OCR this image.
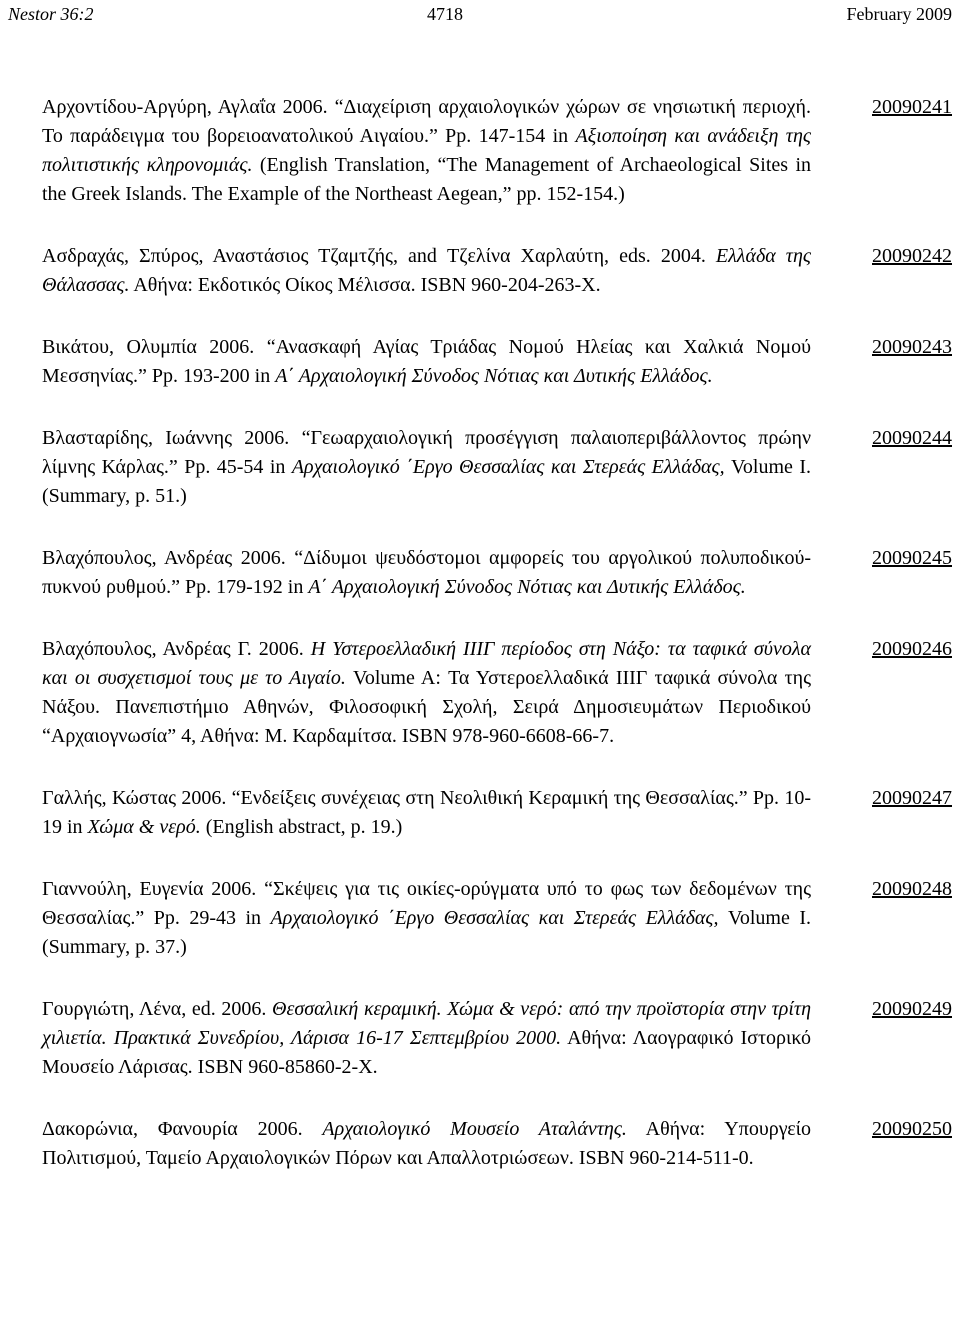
Nestor 36:2	4718	February 2009

Αρχοντίδου-Αργύρη, Αγλαΐα 2006. “Διαχείριση αρχαιολογικών χώρων σε νησιωτική περιοχή. Το παράδειγμα του βορειοανατολικού Αιγαίου.” Pp. 147-154 in Αξιοποίηση και ανάδειξη της πολιτιστικής κληρονομιάς. (English Translation, “The Management of Archaeological Sites in the Greek Islands. The Example of the Northeast Aegean,” pp. 152-154.)

20090241

Ασδραχάς, Σπύρος, Αναστάσιος Τζαμτζής, and Τζελίνα Χαρλαύτη, eds. 2004. Ελλάδα της Θάλασσας. Αθήνα: Εκδοτικός Οίκος Μέλισσα. ISBN 960-204-263-X.

20090242

Βικάτου, Ολυμπία 2006. “Ανασκαφή Αγίας Τριάδας Νομού Ηλείας και Χαλκιά Νομού Μεσσηνίας.” Pp. 193-200 in Α΄ Αρχαιολογική Σύνοδος Νότιας και Δυτικής Ελλάδος.

20090243

Βλασταρίδης, Ιωάννης 2006. “Γεωαρχαιολογική προσέγγιση παλαιοπεριβάλλοντος πρώην λίμνης Κάρλας.” Pp. 45-54 in Αρχαιολογικό ΄Εργο Θεσσαλίας και Στερεάς Ελλάδας, Volume I. (Summary, p. 51.)

20090244

Βλαχόπουλος, Ανδρέας 2006. “Δίδυμοι ψευδόστομοι αμφορείς του αργολικού πολυποδικού-πυκνού ρυθμού.” Pp. 179-192 in Α΄ Αρχαιολογική Σύνοδος Νότιας και Δυτικής Ελλάδος.

20090245

Βλαχόπουλος, Ανδρέας Γ. 2006. Η Υστεροελλαδική ΙΙΙΓ περίοδος στη Νάξο: τα ταφικά σύνολα και οι συσχετισμοί τους με το Αιγαίο. Volume A: Τα Υστεροελλαδικά ΙΙΙΓ ταφικά σύνολα της Νάξου. Πανεπιστήμιο Αθηνών, Φιλοσοφική Σχολή, Σειρά Δημοσιευμάτων Περιοδικού “Αρχαιογνωσία” 4, Αθήνα: Μ. Καρδαμίτσα. ISBN 978-960-6608-66-7.

20090246

Γαλλής, Κώστας 2006. “Ενδείξεις συνέχειας στη Νεολιθική Κεραμική της Θεσσαλίας.” Pp. 10-19 in Χώμα & νερό. (English abstract, p. 19.)

20090247

Γιαννούλη, Ευγενία 2006. “Σκέψεις για τις οικίες-ορύγματα υπό το φως των δεδομένων της Θεσσαλίας.” Pp. 29-43 in Αρχαιολογικό ΄Εργο Θεσσαλίας και Στερεάς Ελλάδας, Volume I. (Summary, p. 37.)

20090248

Γουργιώτη, Λένα, ed. 2006. Θεσσαλική κεραμική. Χώμα & νερό: από την προϊστορία στην τρίτη χιλιετία. Πρακτικά Συνεδρίου, Λάρισα 16-17 Σεπτεμβρίου 2000. Αθήνα: Λαογραφικό Ιστορικό Μουσείο Λάρισας. ISBN 960-85860-2-X.

20090249

Δακορώνια, Φανουρία 2006. Αρχαιολογικό Μουσείο Αταλάντης. Αθήνα: Υπουργείο Πολιτισμού, Ταμείο Αρχαιολογικών Πόρων και Απαλλοτριώσεων. ISBN 960-214-511-0.

20090250
